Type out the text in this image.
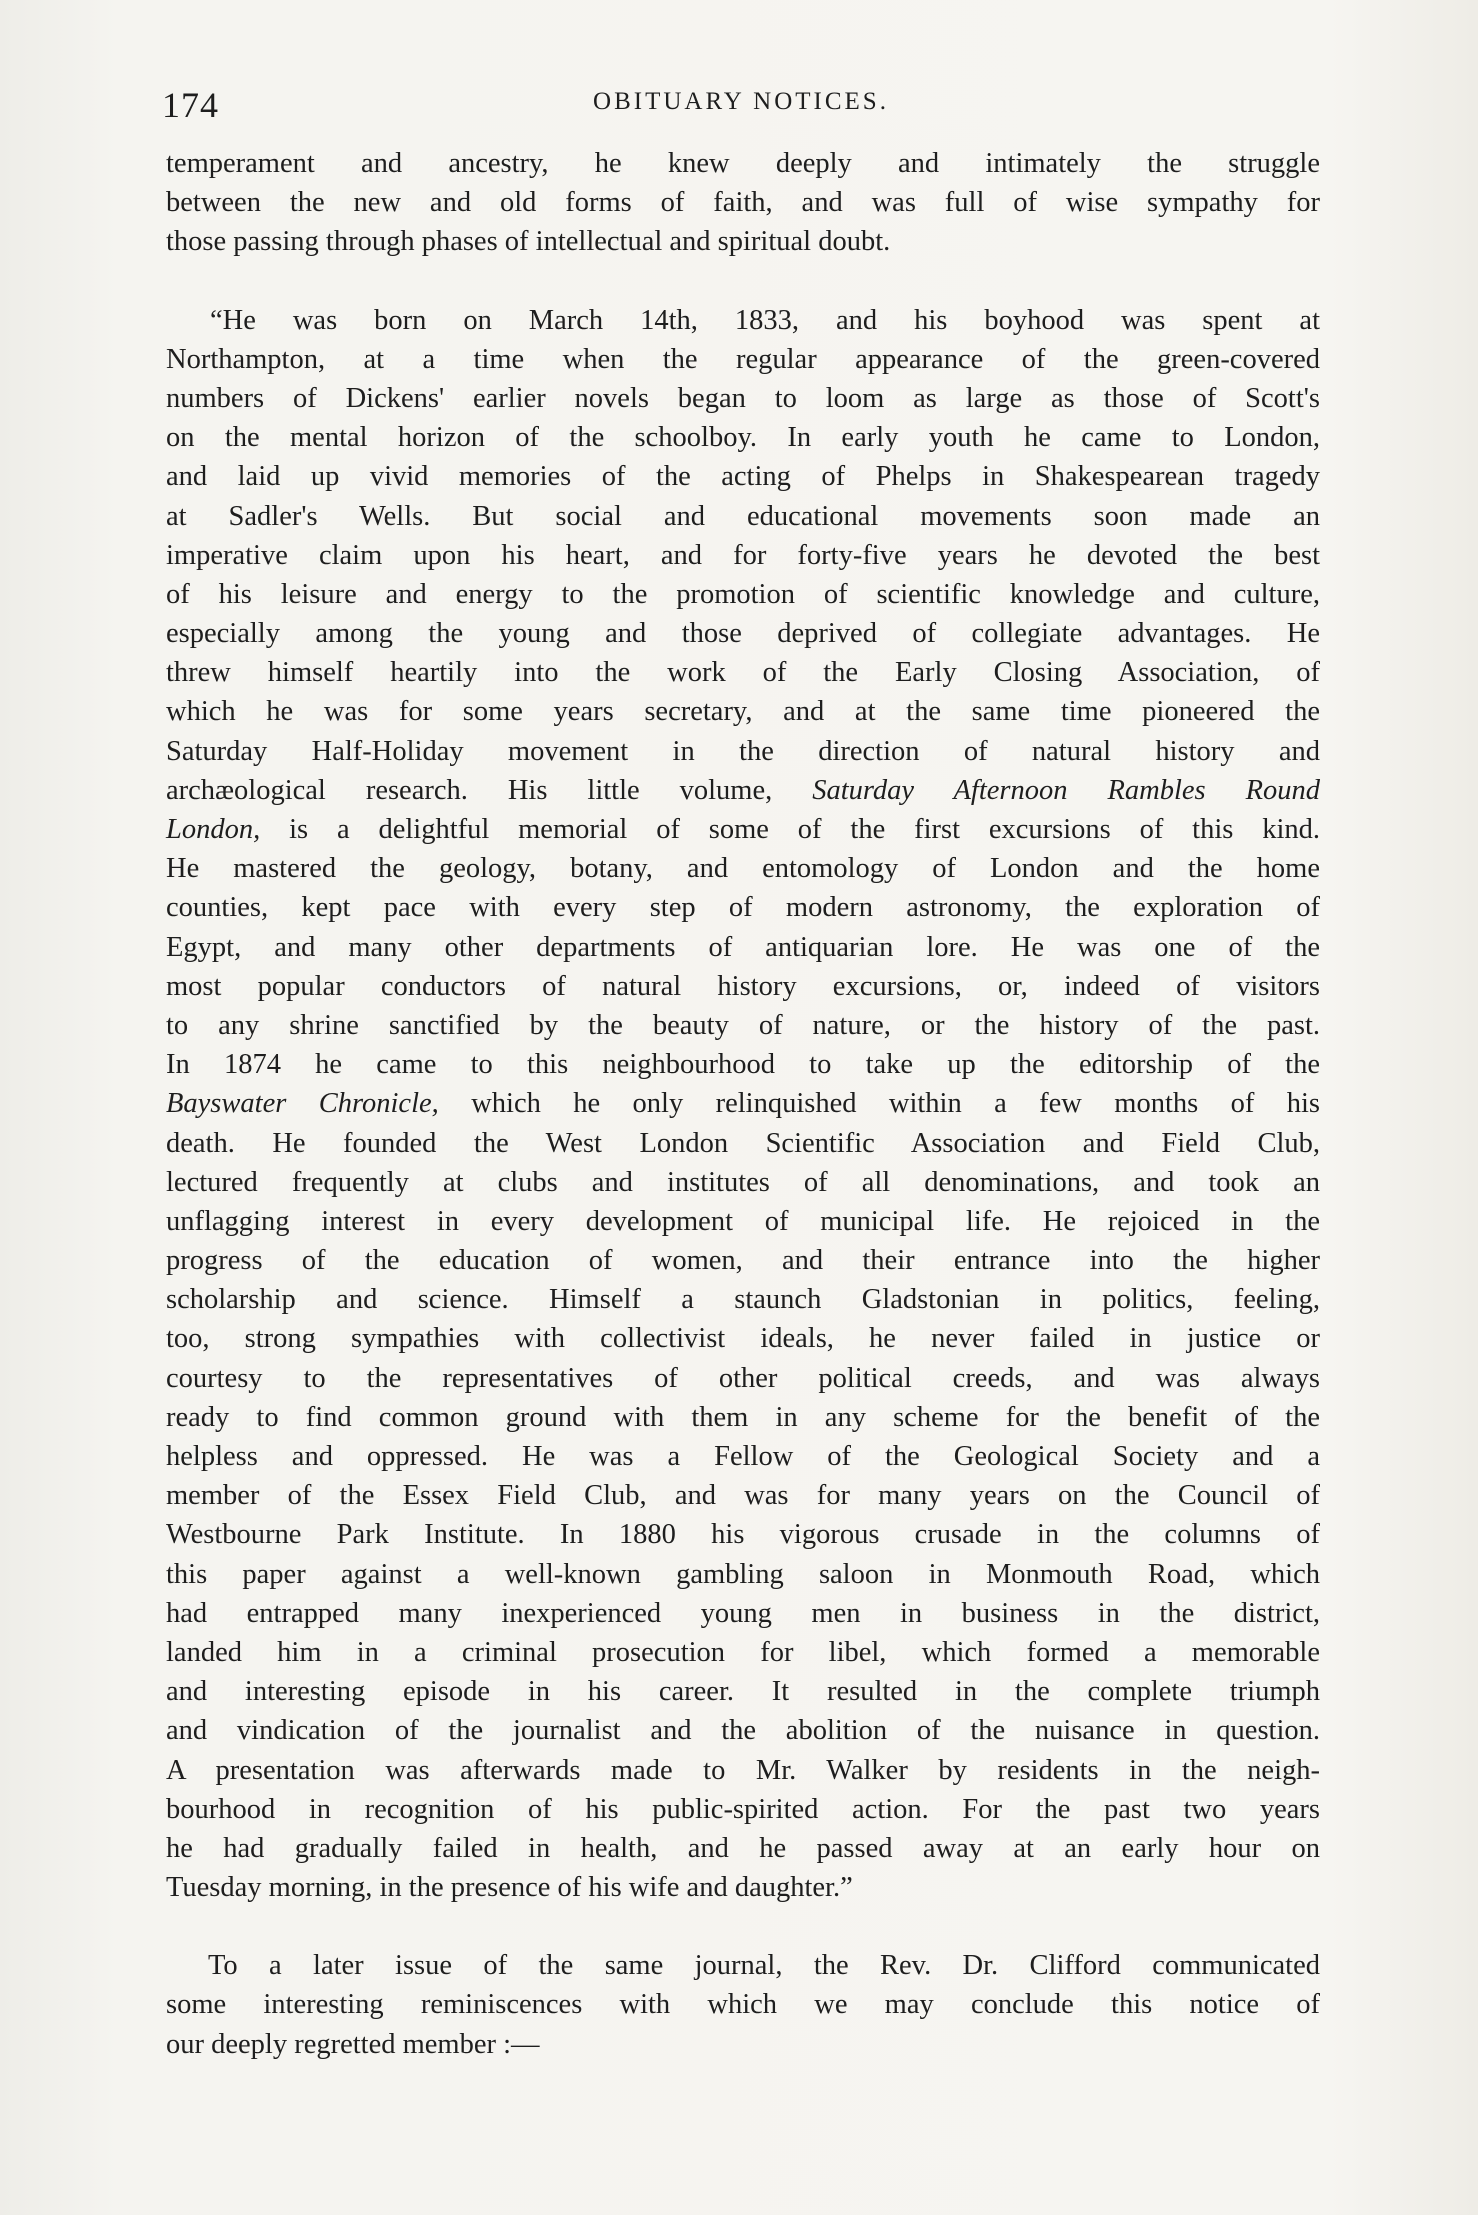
174	OBITUARY NOTICES.
temperament and ancestry, he knew deeply and intimately the struggle
between the new and old forms of faith, and was full of wise sympathy for
those passing through phases of intellectual and spiritual doubt.
“He was born on March 14th, 1833, and his boyhood was spent at
Northampton, at a time when the regular appearance of the green-covered
numbers of Dickens' earlier novels began to loom as large as those of Scott's
on the mental horizon of the schoolboy. In early youth he came to London,
and laid up vivid memories of the acting of Phelps in Shakespearean tragedy
at Sadler's Wells. But social and educational movements soon made an
imperative claim upon his heart, and for forty-five years he devoted the best
of his leisure and energy to the promotion of scientific knowledge and culture,
especially among the young and those deprived of collegiate advantages. He
threw himself heartily into the work of the Early Closing Association, of
which he was for some years secretary, and at the same time pioneered the
Saturday Half-Holiday movement in the direction of natural history and
archæological research. His little volume, Saturday Afternoon Rambles Round
London, is a delightful memorial of some of the first excursions of this kind.
He mastered the geology, botany, and entomology of London and the home
counties, kept pace with every step of modern astronomy, the exploration of
Egypt, and many other departments of antiquarian lore. He was one of the
most popular conductors of natural history excursions, or, indeed of visitors
to any shrine sanctified by the beauty of nature, or the history of the past.
In 1874 he came to this neighbourhood to take up the editorship of the
Bayswater Chronicle, which he only relinquished within a few months of his
death. He founded the West London Scientific Association and Field Club,
lectured frequently at clubs and institutes of all denominations, and took an
unflagging interest in every development of municipal life. He rejoiced in the
progress of the education of women, and their entrance into the higher
scholarship and science. Himself a staunch Gladstonian in politics, feeling,
too, strong sympathies with collectivist ideals, he never failed in justice or
courtesy to the representatives of other political creeds, and was always
ready to find common ground with them in any scheme for the benefit of the
helpless and oppressed. He was a Fellow of the Geological Society and a
member of the Essex Field Club, and was for many years on the Council of
Westbourne Park Institute. In 1880 his vigorous crusade in the columns of
this paper against a well-known gambling saloon in Monmouth Road, which
had entrapped many inexperienced young men in business in the district,
landed him in a criminal prosecution for libel, which formed a memorable
and interesting episode in his career. It resulted in the complete triumph
and vindication of the journalist and the abolition of the nuisance in question.
A presentation was afterwards made to Mr. Walker by residents in the neigh-
bourhood in recognition of his public-spirited action. For the past two years
he had gradually failed in health, and he passed away at an early hour on
Tuesday morning, in the presence of his wife and daughter.”
To a later issue of the same journal, the Rev. Dr. Clifford communicated
some interesting reminiscences with which we may conclude this notice of
our deeply regretted member :—
